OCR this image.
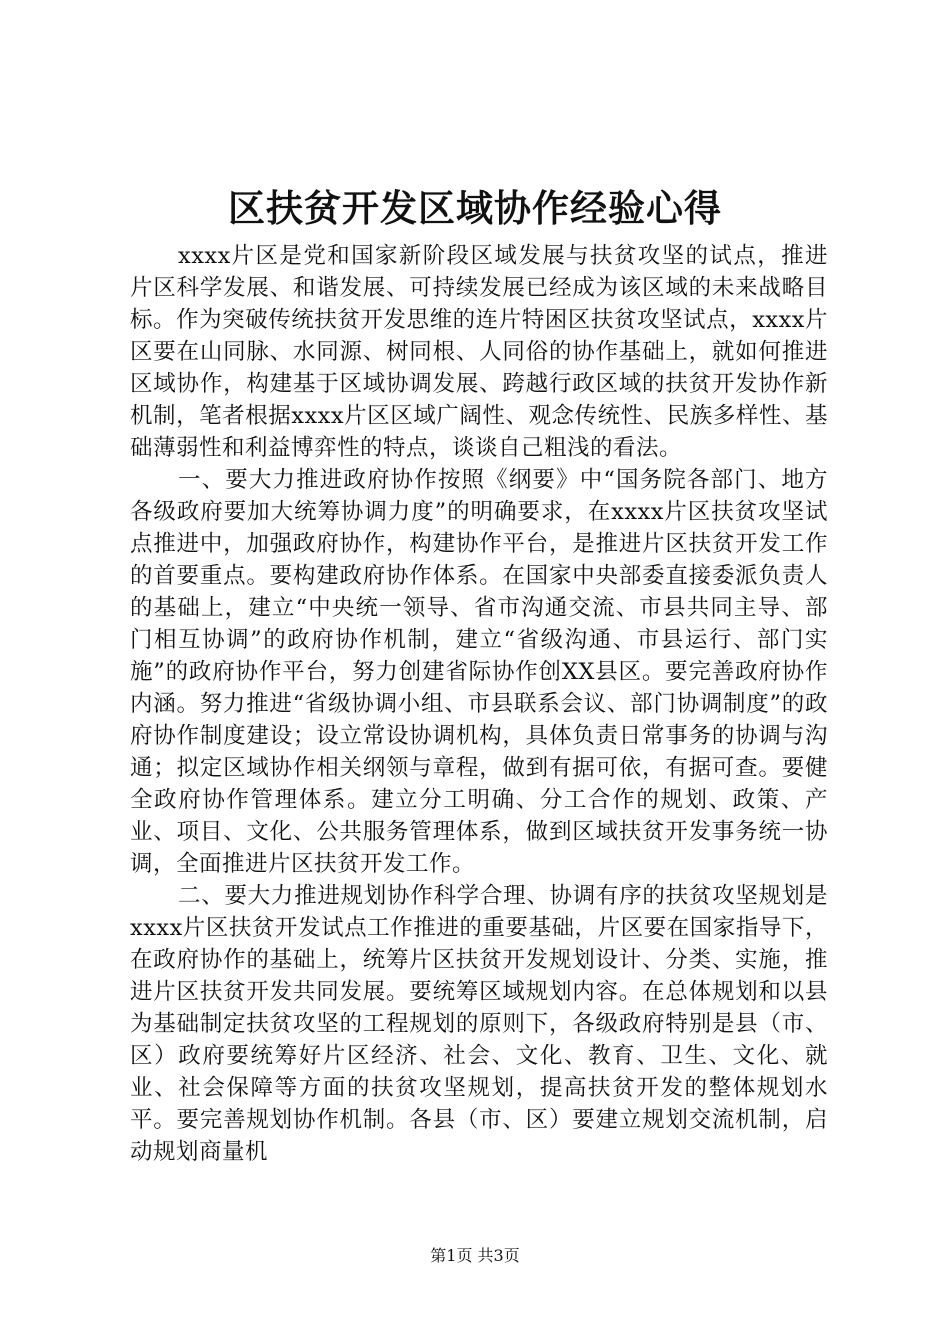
区扶贫开发区域协作经验心得

xxxx片区是党和国家新阶段区域发展与扶贫攻坚的试点，推进片区科学发展、和谐发展、可持续发展已经成为该区域的未来战略目标。作为突破传统扶贫开发思维的连片特困区扶贫攻坚试点，xxxx片区要在山同脉、水同源、树同根、人同俗的协作基础上，就如何推进区域协作，构建基于区域协调发展、跨越行政区域的扶贫开发协作新机制，笔者根据xxxx片区区域广阔性、观念传统性、民族多样性、基础薄弱性和利益博弈性的特点，谈谈自己粗浅的看法。

一、要大力推进政府协作按照《纲要》中“国务院各部门、地方各级政府要加大统筹协调力度”的明确要求，在xxxx片区扶贫攻坚试点推进中，加强政府协作，构建协作平台，是推进片区扶贫开发工作的首要重点。要构建政府协作体系。在国家中央部委直接委派负责人的基础上，建立“中央统一领导、省市沟通交流、市县共同主导、部门相互协调”的政府协作机制，建立“省级沟通、市县运行、部门实施”的政府协作平台，努力创建省际协作创XX县区。要完善政府协作内涵。努力推进“省级协调小组、市县联系会议、部门协调制度”的政府协作制度建设；设立常设协调机构，具体负责日常事务的协调与沟通；拟定区域协作相关纲领与章程，做到有据可依，有据可查。要健全政府协作管理体系。建立分工明确、分工合作的规划、政策、产业、项目、文化、公共服务管理体系，做到区域扶贫开发事务统一协调，全面推进片区扶贫开发工作。

二、要大力推进规划协作科学合理、协调有序的扶贫攻坚规划是xxxx片区扶贫开发试点工作推进的重要基础，片区要在国家指导下，在政府协作的基础上，统筹片区扶贫开发规划设计、分类、实施，推进片区扶贫开发共同发展。要统筹区域规划内容。在总体规划和以县为基础制定扶贫攻坚的工程规划的原则下，各级政府特别是县（市、区）政府要统筹好片区经济、社会、文化、教育、卫生、文化、就业、社会保障等方面的扶贫攻坚规划，提高扶贫开发的整体规划水平。要完善规划协作机制。各县（市、区）要建立规划交流机制，启动规划商量机

第1页 共3页
